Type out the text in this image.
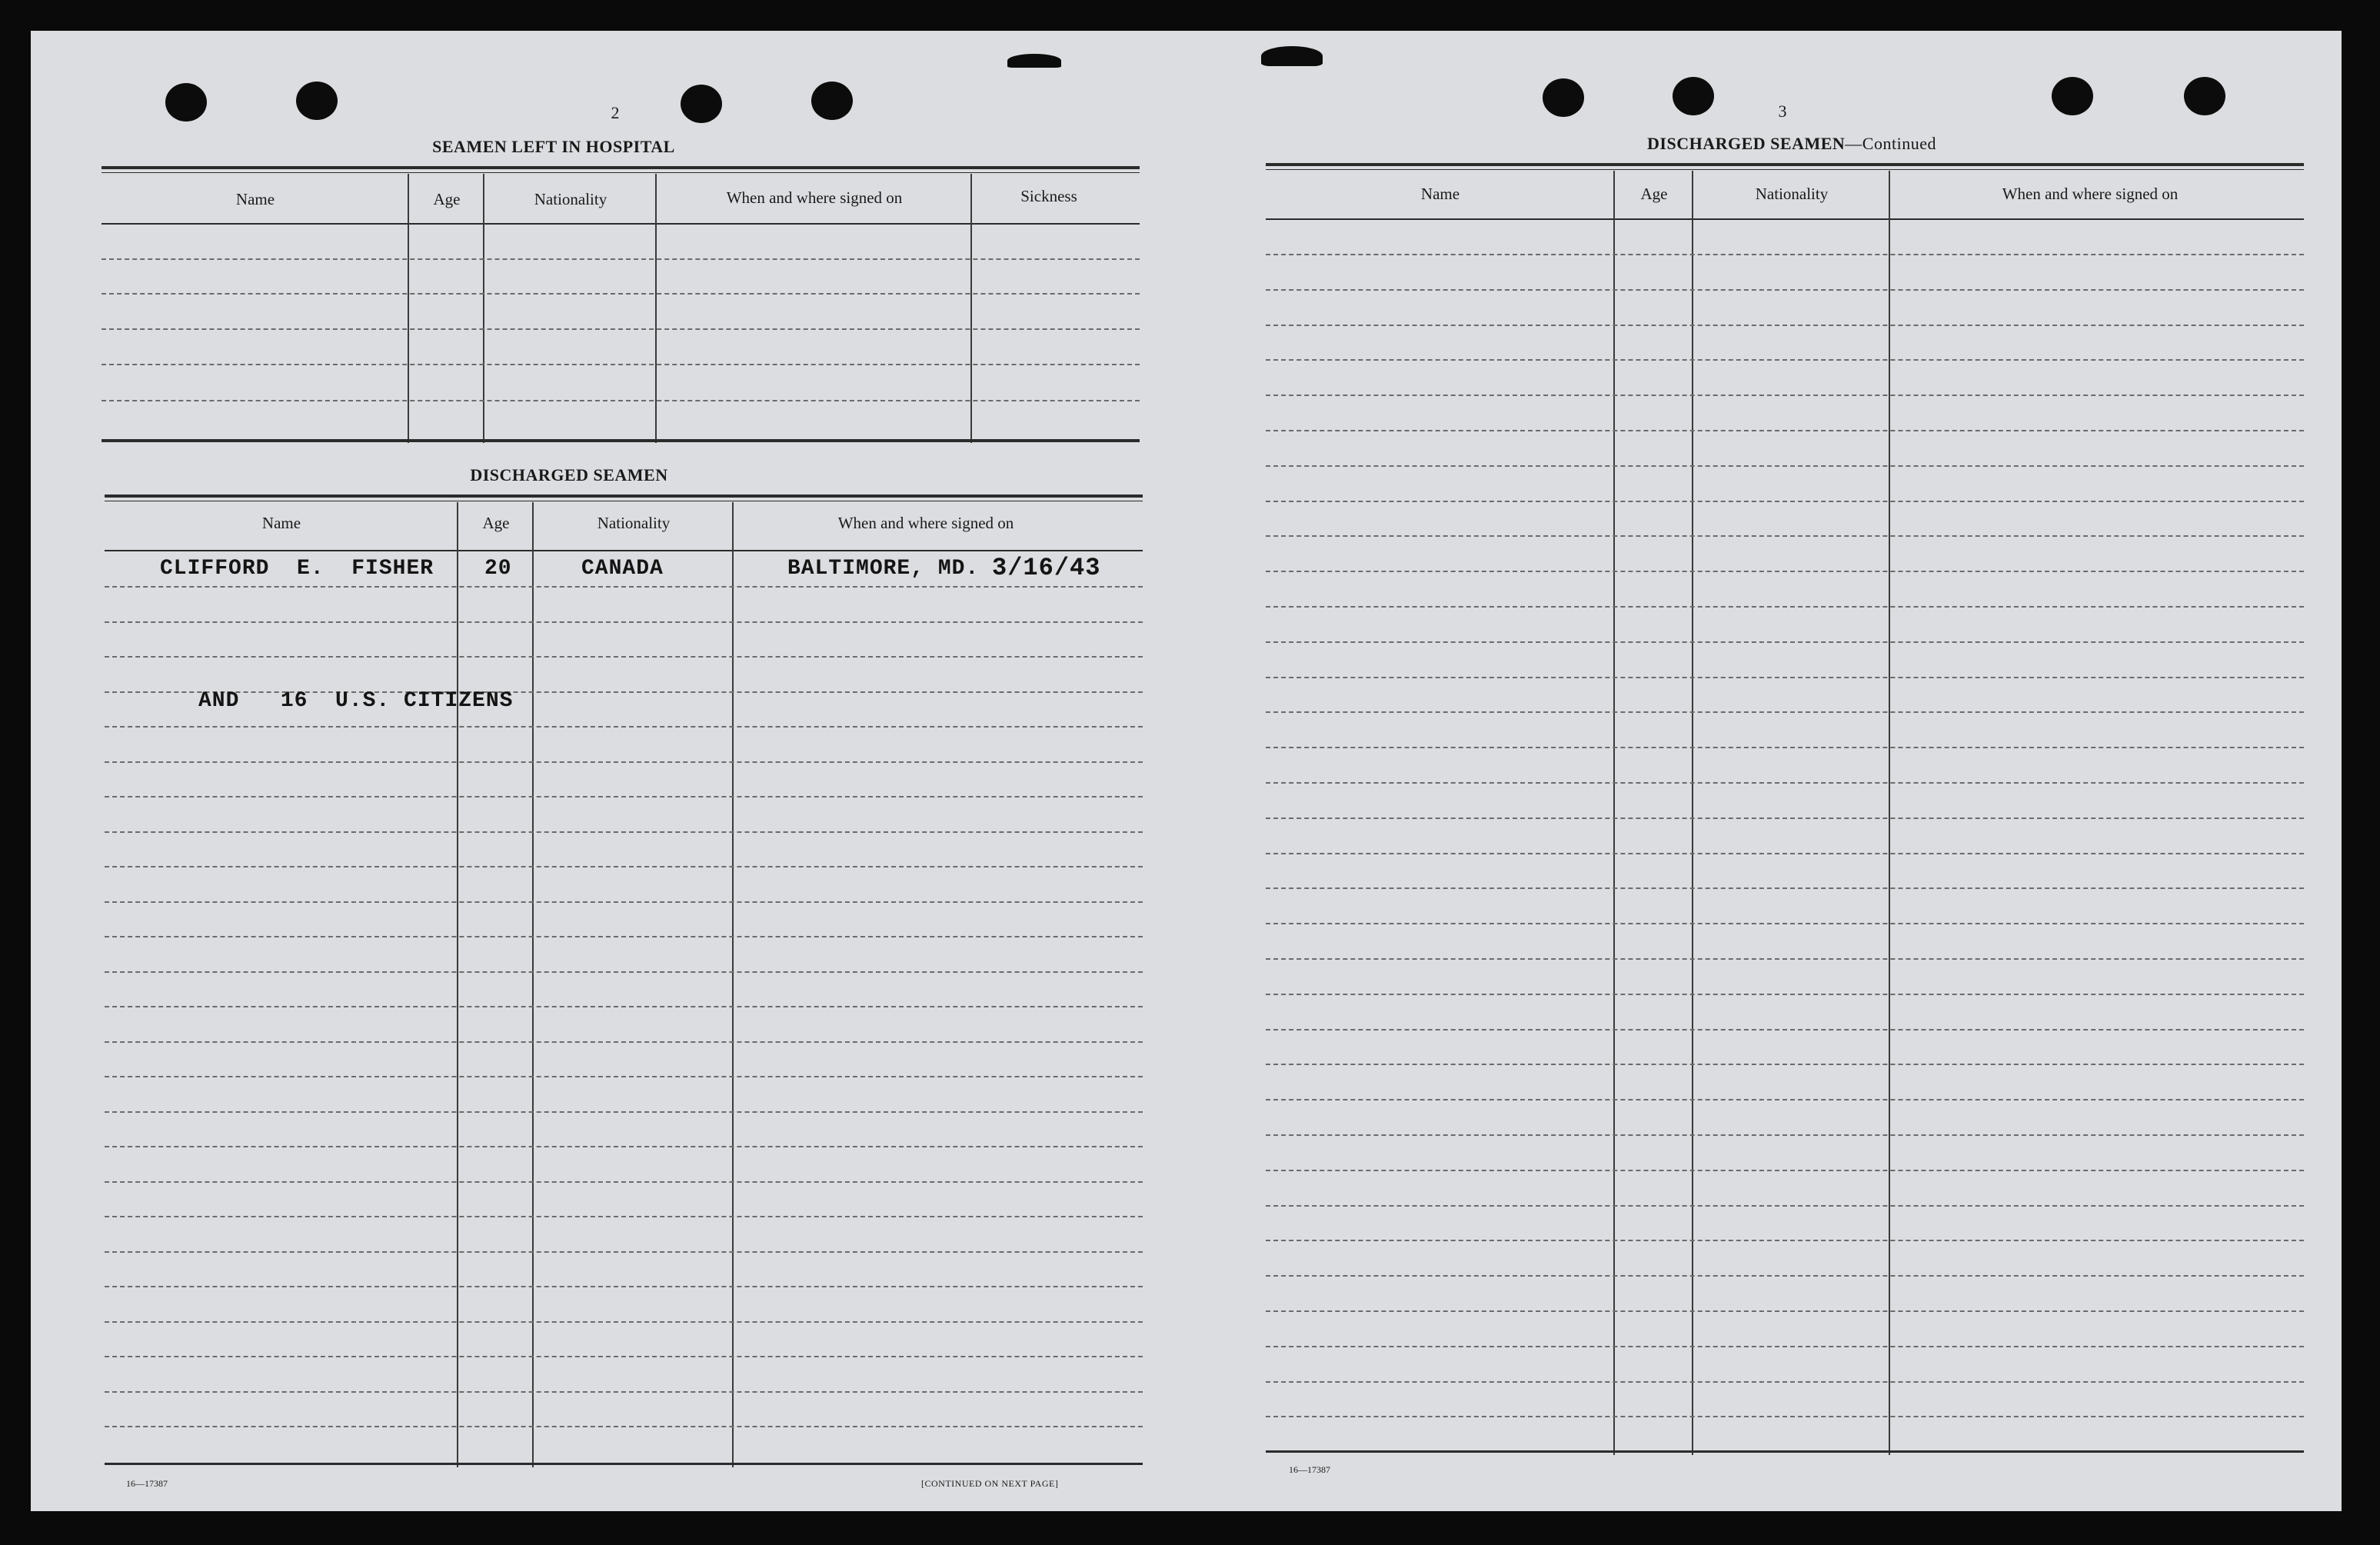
2
SEAMEN LEFT IN HOSPITAL
Name	Age	Nationality	When and where signed on	Sickness
DISCHARGED SEAMEN
Name	Age	Nationality	When and where signed on
CLIFFORD  E.  FISHER 20	CANADA	BALTIMORE, MD. 3/16/43
AND   16  U.S. CITIZENS
16—17387	[CONTINUED ON NEXT PAGE]
3
DISCHARGED SEAMEN—Continued
Name	Age	Nationality	When and where signed on
16—17387
